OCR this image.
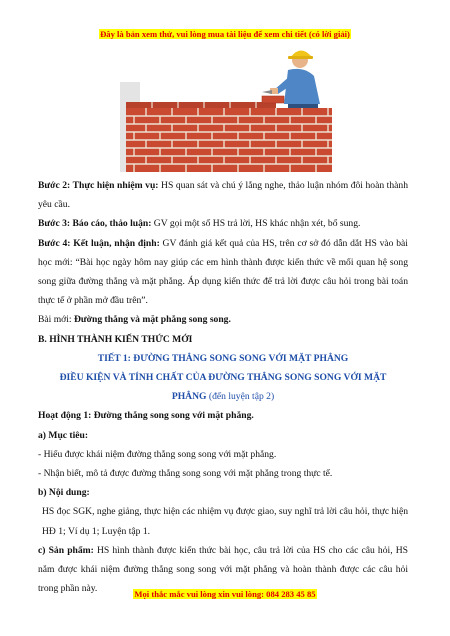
Đây là bản xem thử, vui lòng mua tài liệu để xem chi tiết (có lời giải)

Bước 2: Thực hiện nhiệm vụ: HS quan sát và chú ý lắng nghe, thảo luận nhóm đôi hoàn thành yêu cầu.

Bước 3: Báo cáo, thảo luận: GV gọi một số HS trả lời, HS khác nhận xét, bổ sung.

Bước 4: Kết luận, nhận định: GV đánh giá kết quả của HS, trên cơ sở đó dẫn dắt HS vào bài học mới: “Bài học ngày hôm nay giúp các em hình thành được kiến thức về mối quan hệ song song giữa đường thẳng và mặt phẳng. Áp dụng kiến thức để trả lời được câu hỏi trong bài toán thực tế ở phần mở đầu trên”.

Bài mới: Đường thẳng và mặt phẳng song song.

B. HÌNH THÀNH KIẾN THỨC MỚI

TIẾT 1: ĐƯỜNG THẲNG SONG SONG VỚI MẶT PHẲNG

ĐIỀU KIỆN VÀ TÍNH CHẤT CỦA ĐƯỜNG THẲNG SONG SONG VỚI MẶT

PHẲNG (đến luyện tập 2)

Hoạt động 1: Đường thẳng song song với mặt phẳng.

a) Mục tiêu:

- Hiểu được khái niệm đường thẳng song song với mặt phẳng.

- Nhận biết, mô tả được đường thẳng song song với mặt phẳng trong thực tế.

b) Nội dung:

HS đọc SGK, nghe giảng, thực hiện các nhiệm vụ được giao, suy nghĩ trả lời câu hỏi, thực hiện HĐ 1; Ví dụ 1; Luyện tập 1.

c) Sản phẩm: HS hình thành được kiến thức bài học, câu trả lời của HS cho các câu hỏi, HS nắm được khái niệm đường thẳng song song với mặt phẳng và hoàn thành được các câu hỏi trong phần này.	Mọi thắc mắc vui lòng xin vui lòng: 084 283 45 85
